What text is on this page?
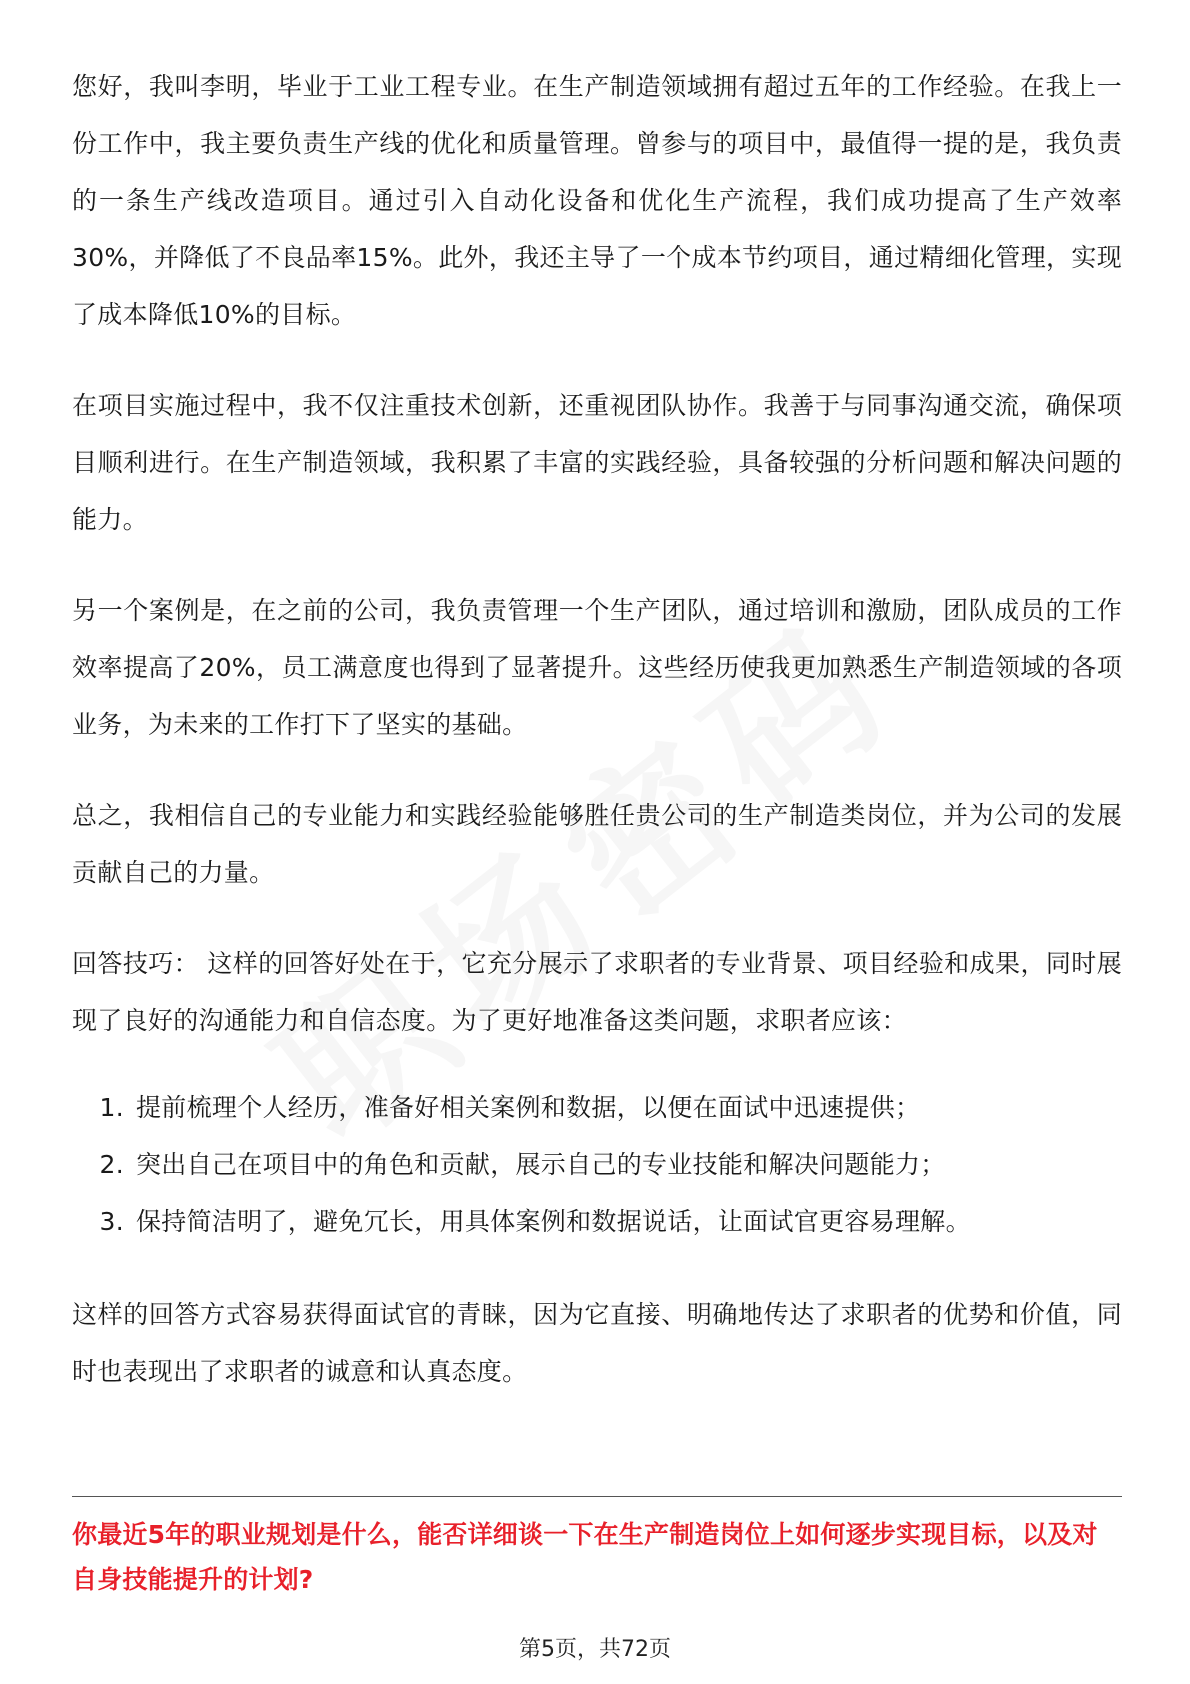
您好，我叫李明，毕业于工业工程专业。在生产制造领域拥有超过五年的工作经验。在我上一份工作中，我主要负责生产线的优化和质量管理。曾参与的项目中，最值得一提的是，我负责的一条生产线改造项目。通过引入自动化设备和优化生产流程，我们成功提高了生产效率30%，并降低了不良品率15%。此外，我还主导了一个成本节约项目，通过精细化管理，实现了成本降低10%的目标。

在项目实施过程中，我不仅注重技术创新，还重视团队协作。我善于与同事沟通交流，确保项目顺利进行。在生产制造领域，我积累了丰富的实践经验，具备较强的分析问题和解决问题的能力。

另一个案例是，在之前的公司，我负责管理一个生产团队，通过培训和激励，团队成员的工作效率提高了20%，员工满意度也得到了显著提升。这些经历使我更加熟悉生产制造领域的各项业务，为未来的工作打下了坚实的基础。

总之，我相信自己的专业能力和实践经验能够胜任贵公司的生产制造类岗位，并为公司的发展贡献自己的力量。

回答技巧： 这样的回答好处在于，它充分展示了求职者的专业背景、项目经验和成果，同时展现了良好的沟通能力和自信态度。为了更好地准备这类问题，求职者应该：

1. 提前梳理个人经历，准备好相关案例和数据，以便在面试中迅速提供；
2. 突出自己在项目中的角色和贡献，展示自己的专业技能和解决问题能力；
3. 保持简洁明了，避免冗长，用具体案例和数据说话，让面试官更容易理解。

这样的回答方式容易获得面试官的青睐，因为它直接、明确地传达了求职者的优势和价值，同时也表现出了求职者的诚意和认真态度。

你最近5年的职业规划是什么，能否详细谈一下在生产制造岗位上如何逐步实现目标，以及对自身技能提升的计划?
第5页，共72页
